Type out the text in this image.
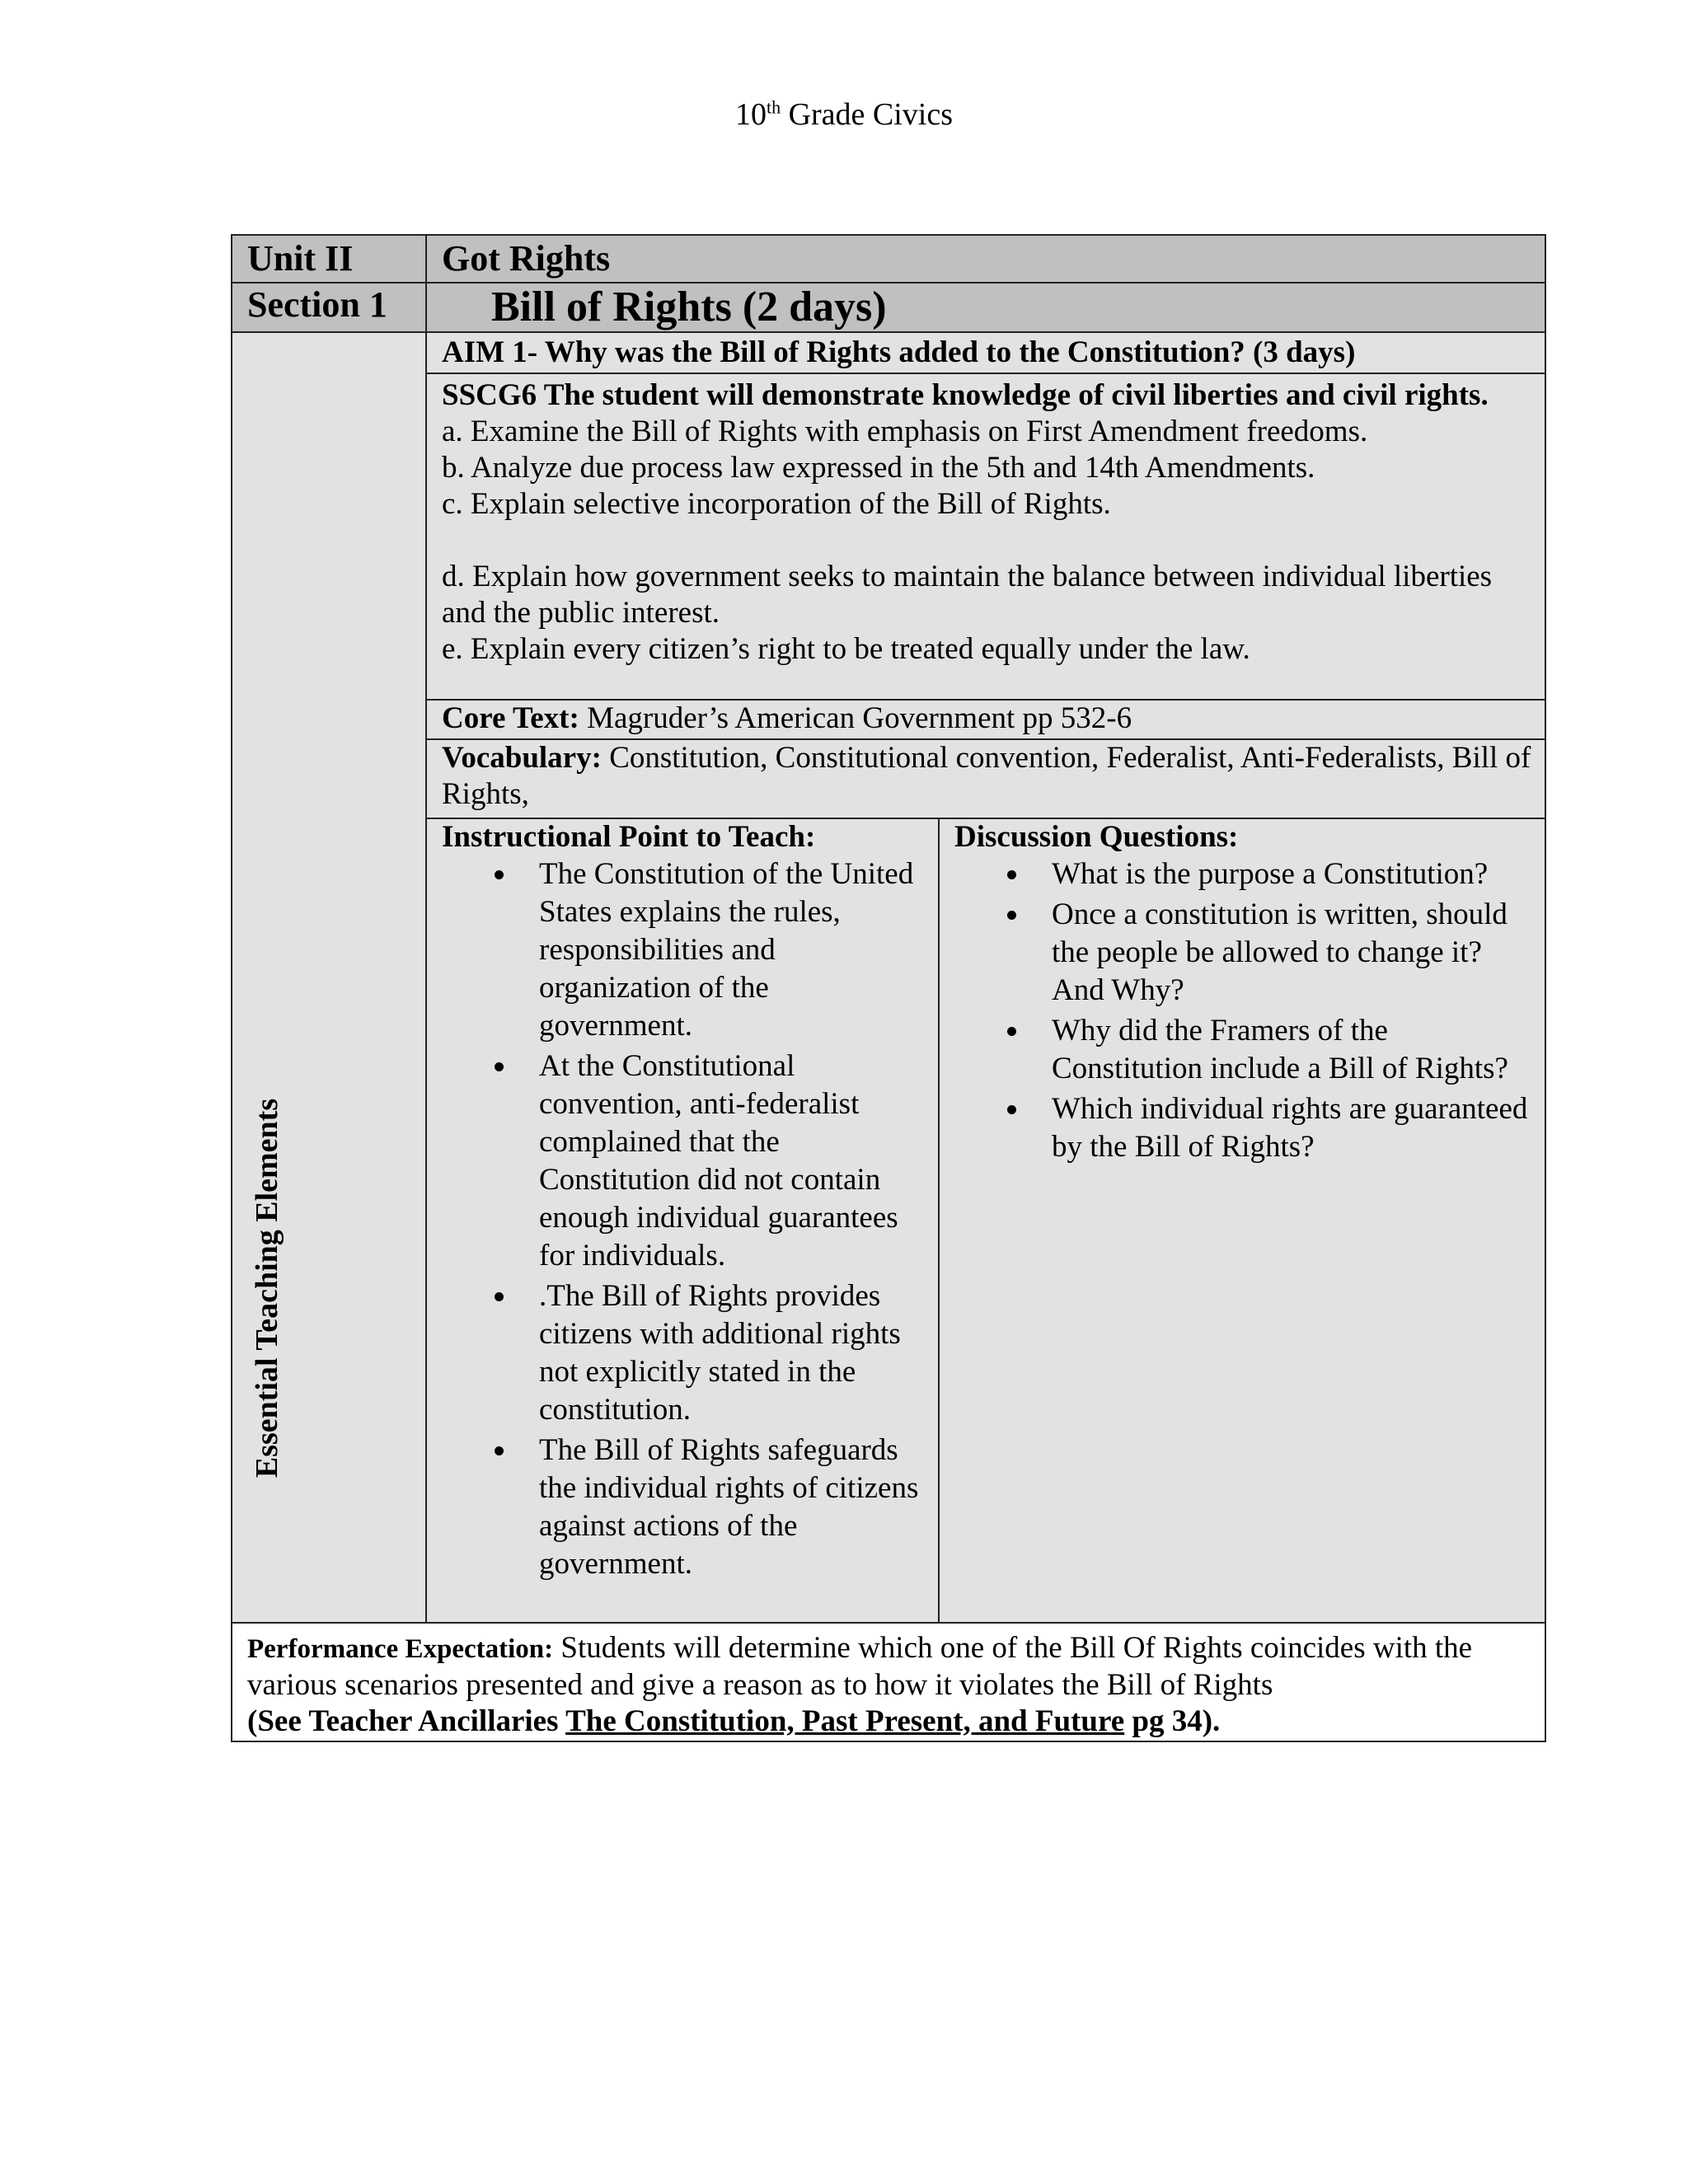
10th Grade Civics
Unit II	Got Rights
Section 1	Bill of Rights (2 days)
Essential Teaching Elements
AIM 1- Why was the Bill of Rights added to the Constitution? (3 days)

SSCG6 The student will demonstrate knowledge of civil liberties and civil rights.

a. Examine the Bill of Rights with emphasis on First Amendment freedoms.

b. Analyze due process law expressed in the 5th and 14th Amendments.

c. Explain selective incorporation of the Bill of Rights.

d. Explain how government seeks to maintain the balance between individual liberties and the public interest.

e. Explain every citizen’s right to be treated equally under the law.

Core Text: Magruder’s American Government pp 532-6
Vocabulary: Constitution, Constitutional convention, Federalist, Anti-Federalists, Bill of Rights,
Instructional Point to Teach:
The Constitution of the United States explains the rules, responsibilities and organization of the government.
At the Constitutional convention, anti-federalist complained that the Constitution did not contain enough individual guarantees for individuals.
.The Bill of Rights provides citizens with additional rights not explicitly stated in the constitution.
The Bill of Rights safeguards the individual rights of citizens against actions of the government.
Discussion Questions:
What is the purpose a Constitution?
Once a constitution is written, should the people be allowed to change it? And Why?
Why did the Framers of the Constitution include a Bill of Rights?
Which individual rights are guaranteed by the Bill of Rights?
Performance Expectation: Students will determine which one of the Bill Of Rights coincides with the various scenarios presented and give a reason as to how it violates the Bill of Rights
(See Teacher Ancillaries The Constitution, Past Present, and Future pg 34).
